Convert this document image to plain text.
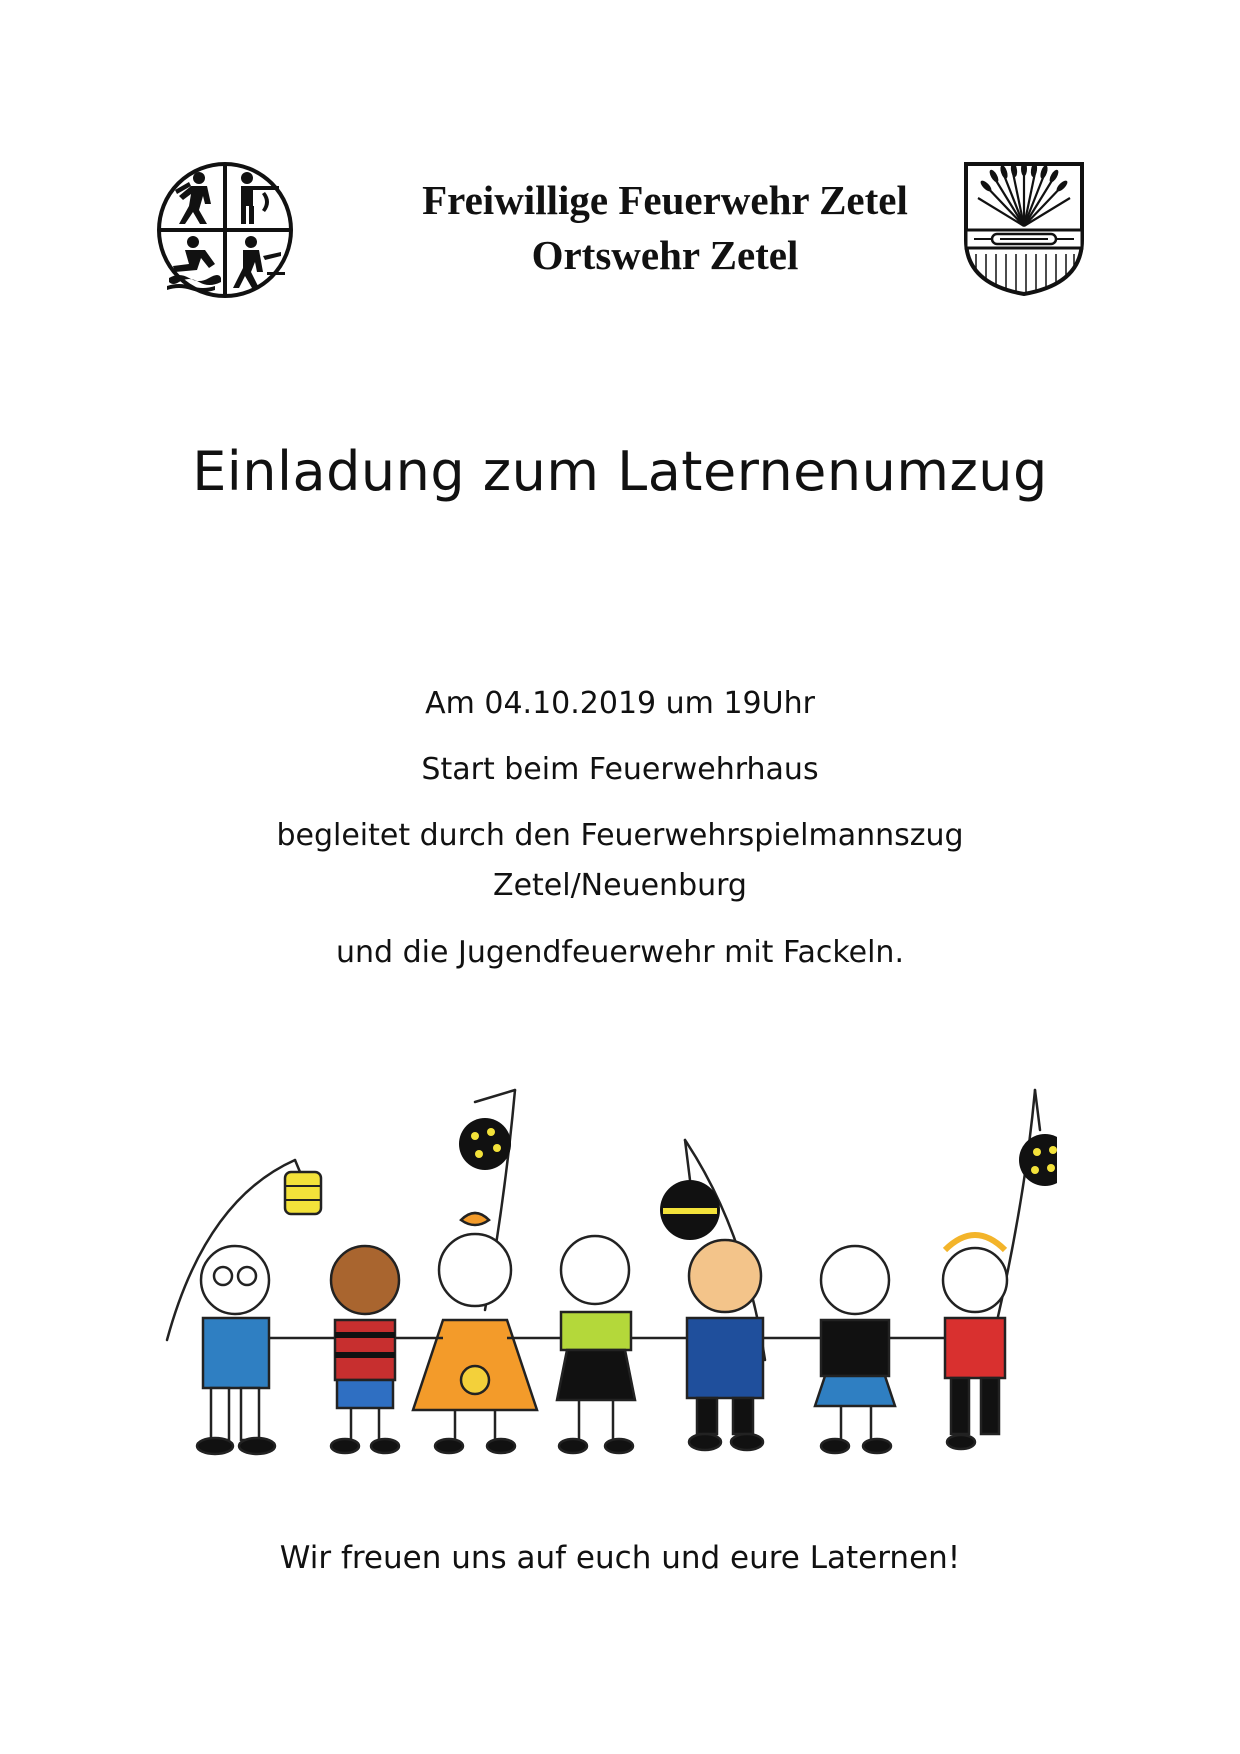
Freiwillige Feuerwehr Zetel
Ortswehr Zetel
Einladung zum Laternenumzug
Am 04.10.2019 um 19Uhr
Start beim Feuerwehrhaus
begleitet durch den Feuerwehrspielmannszug
Zetel/Neuenburg
und die Jugendfeuerwehr mit Fackeln.
Wir freuen uns auf euch und eure Laternen!
